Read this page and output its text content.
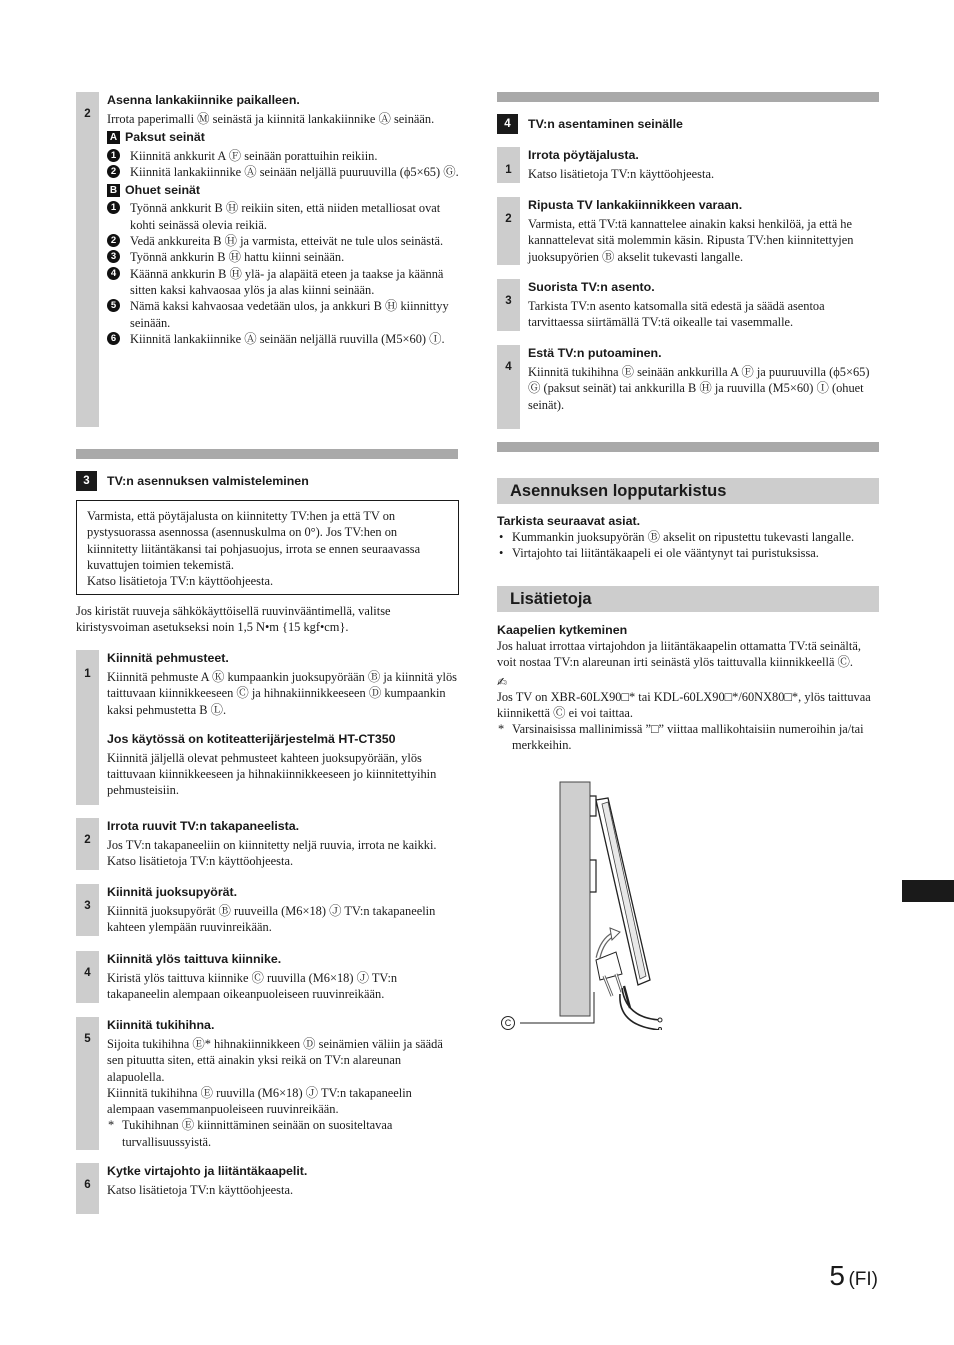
2
Asenna lankakiinnike paikalleen.

Irrota paperimalli Ⓜ seinästä ja kiinnitä lankakiinnike Ⓐ seinään.

A Paksut seinät
1	Kiinnitä ankkurit A Ⓕ seinään porattuihin reikiin.
2	Kiinnitä lankakiinnike Ⓐ seinään neljällä puuruuvilla (ϕ5×65) Ⓖ.
B Ohuet seinät
1	Työnnä ankkurit B Ⓗ reikiin siten, että niiden metalliosat ovat kohti seinässä olevia reikiä.
2	Vedä ankkureita B Ⓗ ja varmista, etteivät ne tule ulos seinästä.
3	Työnnä ankkurin B Ⓗ hattu kiinni seinään.
4	Käännä ankkurin B Ⓗ ylä- ja alapäitä eteen ja taakse ja käännä sitten kaksi kahvaosaa ylös ja alas kiinni seinään.
5	Nämä kaksi kahvaosaa vedetään ulos, ja ankkuri B Ⓗ kiinnittyy seinään.
6	Kiinnitä lankakiinnike Ⓐ seinään neljällä ruuvilla (M5×60) Ⓘ.
3	TV:n asennuksen valmisteleminen
Varmista, että pöytäjalusta on kiinnitetty TV:hen ja että TV on pystysuorassa asennossa (asennuskulma on 0°). Jos TV:hen on kiinnitetty liitäntäkansi tai pohjasuojus, irrota se ennen seuraavassa kuvattujen toimien tekemistä.
Katso lisätietoja TV:n käyttöohjeesta.

Jos kiristät ruuveja sähkökäyttöisellä ruuvinvääntimellä, valitse kiristysvoiman asetukseksi noin 1,5 N•m {15 kgf•cm}.

1
Kiinnitä pehmusteet.

Kiinnitä pehmuste A Ⓚ kumpaankin juoksupyörään Ⓑ ja kiinnitä ylös taittuvaan kiinnikkeeseen Ⓒ ja hihnakiinnikkeeseen Ⓓ kumpaankin kaksi pehmustetta B Ⓛ.

Jos käytössä on kotiteatterijärjestelmä HT-CT350

Kiinnitä jäljellä olevat pehmusteet kahteen juoksupyörään, ylös taittuvaan kiinnikkeeseen ja hihnakiinnikkeeseen jo kiinnitettyihin pehmusteisiin.

2
Irrota ruuvit TV:n takapaneelista.

Jos TV:n takapaneeliin on kiinnitetty neljä ruuvia, irrota ne kaikki. Katso lisätietoja TV:n käyttöohjeesta.

3
Kiinnitä juoksupyörät.

Kiinnitä juoksupyörät Ⓑ ruuveilla (M6×18) Ⓙ TV:n takapaneelin kahteen ylempään ruuvinreikään.

4
Kiinnitä ylös taittuva kiinnike.

Kiristä ylös taittuva kiinnike Ⓒ ruuvilla (M6×18) Ⓙ TV:n takapaneelin alempaan oikeanpuoleiseen ruuvinreikään.

5
Kiinnitä tukihihna.

Sijoita tukihihna Ⓔ* hihnakiinnikkeen Ⓓ seinämien väliin ja säädä sen pituutta siten, että ainakin yksi reikä on TV:n alareunan alapuolella.

Kiinnitä tukihihna Ⓔ ruuvilla (M6×18) Ⓙ TV:n takapaneelin alempaan vasemmanpuoleiseen ruuvinreikään.

* Tukihihnan Ⓔ kiinnittäminen seinään on suositeltavaa turvallisuussyistä.
6
Kytke virtajohto ja liitäntäkaapelit.

Katso lisätietoja TV:n käyttöohjeesta.

4	TV:n asentaminen seinälle
1
Irrota pöytäjalusta.

Katso lisätietoja TV:n käyttöohjeesta.

2
Ripusta TV lankakiinnikkeen varaan.

Varmista, että TV:tä kannattelee ainakin kaksi henkilöä, ja että he kannattelevat sitä molemmin käsin. Ripusta TV:hen kiinnitettyjen juoksupyörien Ⓑ akselit tukevasti langalle.

3
Suorista TV:n asento.

Tarkista TV:n asento katsomalla sitä edestä ja säädä asentoa tarvittaessa siirtämällä TV:tä oikealle tai vasemmalle.

4
Estä TV:n putoaminen.

Kiinnitä tukihihna Ⓔ seinään ankkurilla A Ⓕ ja puuruuvilla (ϕ5×65) Ⓖ (paksut seinät) tai ankkurilla B Ⓗ ja ruuvilla (M5×60) Ⓘ (ohuet seinät).

Asennuksen lopputarkistus
Tarkista seuraavat asiat.
• Kummankin juoksupyörän Ⓑ akselit on ripustettu tukevasti langalle.
• Virtajohto tai liitäntäkaapeli ei ole vääntynyt tai puristuksissa.
Lisätietoja
Kaapelien kytkeminen

Jos haluat irrottaa virtajohdon ja liitäntäkaapelin ottamatta TV:tä seinältä, voit nostaa TV:n alareunan irti seinästä ylös taittuvalla kiinnikkeellä Ⓒ.

✍

Jos TV on XBR-60LX90□* tai KDL-60LX90□*/60NX80□*, ylös taittuvaa kiinnikettä Ⓒ ei voi taittaa.

* Varsinaisissa mallinimissä ”□” viittaa mallikohtaisiin numeroihin ja/tai merkkeihin.
C
5 (FI)
